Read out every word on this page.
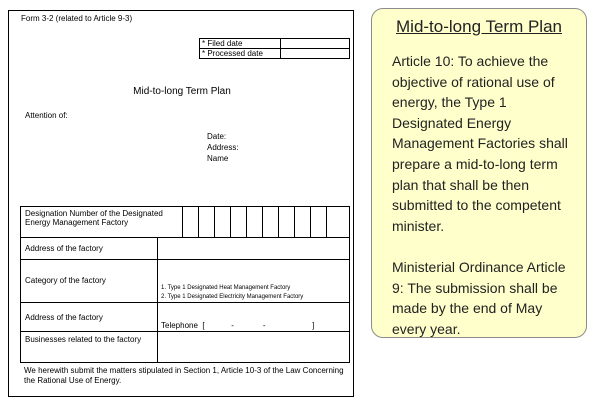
Form 3-2 (related to Article 9-3)
* Filed date	
* Processed date	
Mid-to-long Term Plan
Attention of:
Date:
Address:
Name
Designation Number of the Designated Energy Management Factory
Address of the factory
Category of the factory
1. Type 1 Designated Heat Management Factory
2. Type 1 Designated Electricity Management Factory
Address of the factory
Telephone  [            -             -                     ]
Businesses related to the factory
We herewith submit the matters stipulated in Section 1, Article 10-3 of the Law Concerning the Rational Use of Energy.
Mid-to-long Term Plan

Article 10: To achieve the objective of rational use of energy, the Type 1 Designated Energy Management Factories shall prepare a mid-to-long term plan that shall be then submitted to the competent minister.

Ministerial Ordinance Article 9: The submission shall be made by the end of May every year.
